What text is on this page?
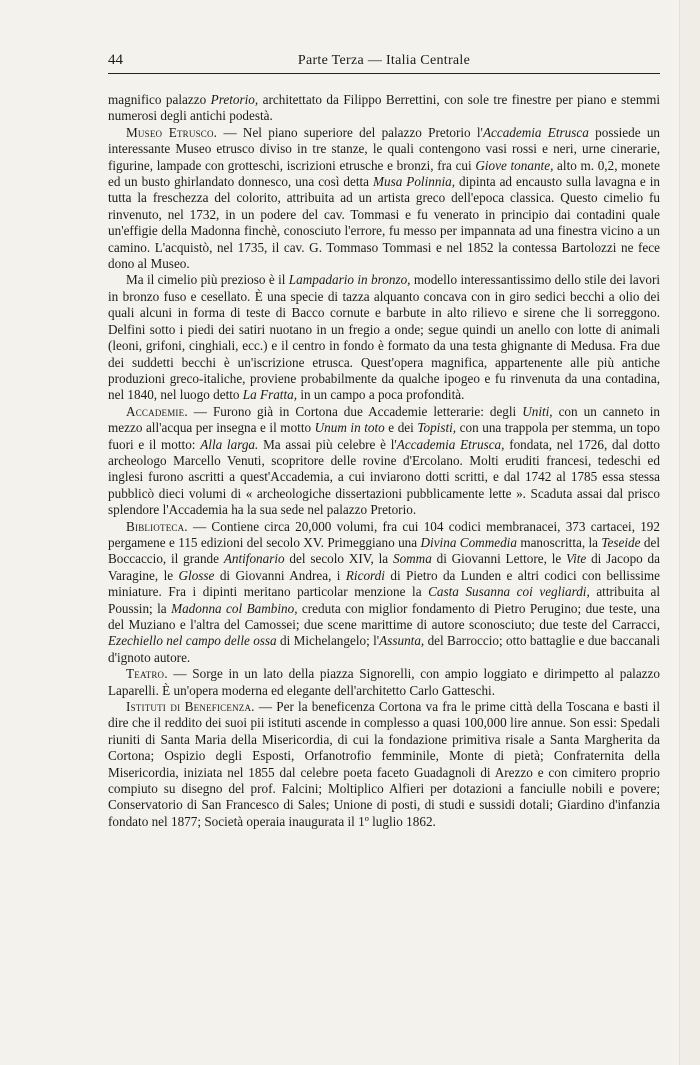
44	Parte Terza — Italia Centrale

magnifico palazzo Pretorio, architettato da Filippo Berrettini, con sole tre finestre per piano e stemmi numerosi degli antichi podestà.

Museo Etrusco. — Nel piano superiore del palazzo Pretorio l'Accademia Etrusca possiede un interessante Museo etrusco diviso in tre stanze, le quali contengono vasi rossi e neri, urne cinerarie, figurine, lampade con grotteschi, iscrizioni etrusche e bronzi, fra cui Giove tonante, alto m. 0,2, monete ed un busto ghirlandato donnesco, una così detta Musa Polinnia, dipinta ad encausto sulla lavagna e in tutta la freschezza del colorito, attribuita ad un artista greco dell'epoca classica. Questo cimelio fu rinvenuto, nel 1732, in un podere del cav. Tommasi e fu venerato in principio dai contadini quale un'effigie della Madonna finchè, conosciuto l'errore, fu messo per impannata ad una finestra vicino a un camino. L'acquistò, nel 1735, il cav. G. Tommaso Tommasi e nel 1852 la contessa Bartolozzi ne fece dono al Museo.

Ma il cimelio più prezioso è il Lampadario in bronzo, modello interessantissimo dello stile dei lavori in bronzo fuso e cesellato. È una specie di tazza alquanto concava con in giro sedici becchi a olio dei quali alcuni in forma di teste di Bacco cornute e barbute in alto rilievo e sirene che li sorreggono. Delfini sotto i piedi dei satiri nuotano in un fregio a onde; segue quindi un anello con lotte di animali (leoni, grifoni, cinghiali, ecc.) e il centro in fondo è formato da una testa ghignante di Medusa. Fra due dei suddetti becchi è un'iscrizione etrusca. Quest'opera magnifica, appartenente alle più antiche produzioni greco-italiche, proviene probabilmente da qualche ipogeo e fu rinvenuta da una contadina, nel 1840, nel luogo detto La Fratta, in un campo a poca profondità.

Accademie. — Furono già in Cortona due Accademie letterarie: degli Uniti, con un canneto in mezzo all'acqua per insegna e il motto Unum in toto e dei Topisti, con una trappola per stemma, un topo fuori e il motto: Alla larga. Ma assai più celebre è l'Accademia Etrusca, fondata, nel 1726, dal dotto archeologo Marcello Venuti, scopritore delle rovine d'Ercolano. Molti eruditi francesi, tedeschi ed inglesi furono ascritti a quest'Accademia, a cui inviarono dotti scritti, e dal 1742 al 1785 essa stessa pubblicò dieci volumi di « archeologiche dissertazioni pubblicamente lette ». Scaduta assai dal prisco splendore l'Accademia ha la sua sede nel palazzo Pretorio.

Biblioteca. — Contiene circa 20,000 volumi, fra cui 104 codici membranacei, 373 cartacei, 192 pergamene e 115 edizioni del secolo XV. Primeggiano una Divina Commedia manoscritta, la Teseide del Boccaccio, il grande Antifonario del secolo XIV, la Somma di Giovanni Lettore, le Vite di Jacopo da Varagine, le Glosse di Giovanni Andrea, i Ricordi di Pietro da Lunden e altri codici con bellissime miniature. Fra i dipinti meritano particolar menzione la Casta Susanna coi vegliardi, attribuita al Poussin; la Madonna col Bambino, creduta con miglior fondamento di Pietro Perugino; due teste, una del Muziano e l'altra del Camossei; due scene marittime di autore sconosciuto; due teste del Carracci, Ezechiello nel campo delle ossa di Michelangelo; l'Assunta, del Barroccio; otto battaglie e due baccanali d'ignoto autore.

Teatro. — Sorge in un lato della piazza Signorelli, con ampio loggiato e dirimpetto al palazzo Laparelli. È un'opera moderna ed elegante dell'architetto Carlo Gatteschi.

Istituti di Beneficenza. — Per la beneficenza Cortona va fra le prime città della Toscana e basti il dire che il reddito dei suoi pii istituti ascende in complesso a quasi 100,000 lire annue. Son essi: Spedali riuniti di Santa Maria della Misericordia, di cui la fondazione primitiva risale a Santa Margherita da Cortona; Ospizio degli Esposti, Orfanotrofio femminile, Monte di pietà; Confraternita della Misericordia, iniziata nel 1855 dal celebre poeta faceto Guadagnoli di Arezzo e con cimitero proprio compiuto su disegno del prof. Falcini; Moltiplico Alfieri per dotazioni a fanciulle nobili e povere; Conservatorio di San Francesco di Sales; Unione di posti, di studi e sussidi dotali; Giardino d'infanzia fondato nel 1877; Società operaia inaugurata il 1º luglio 1862.
